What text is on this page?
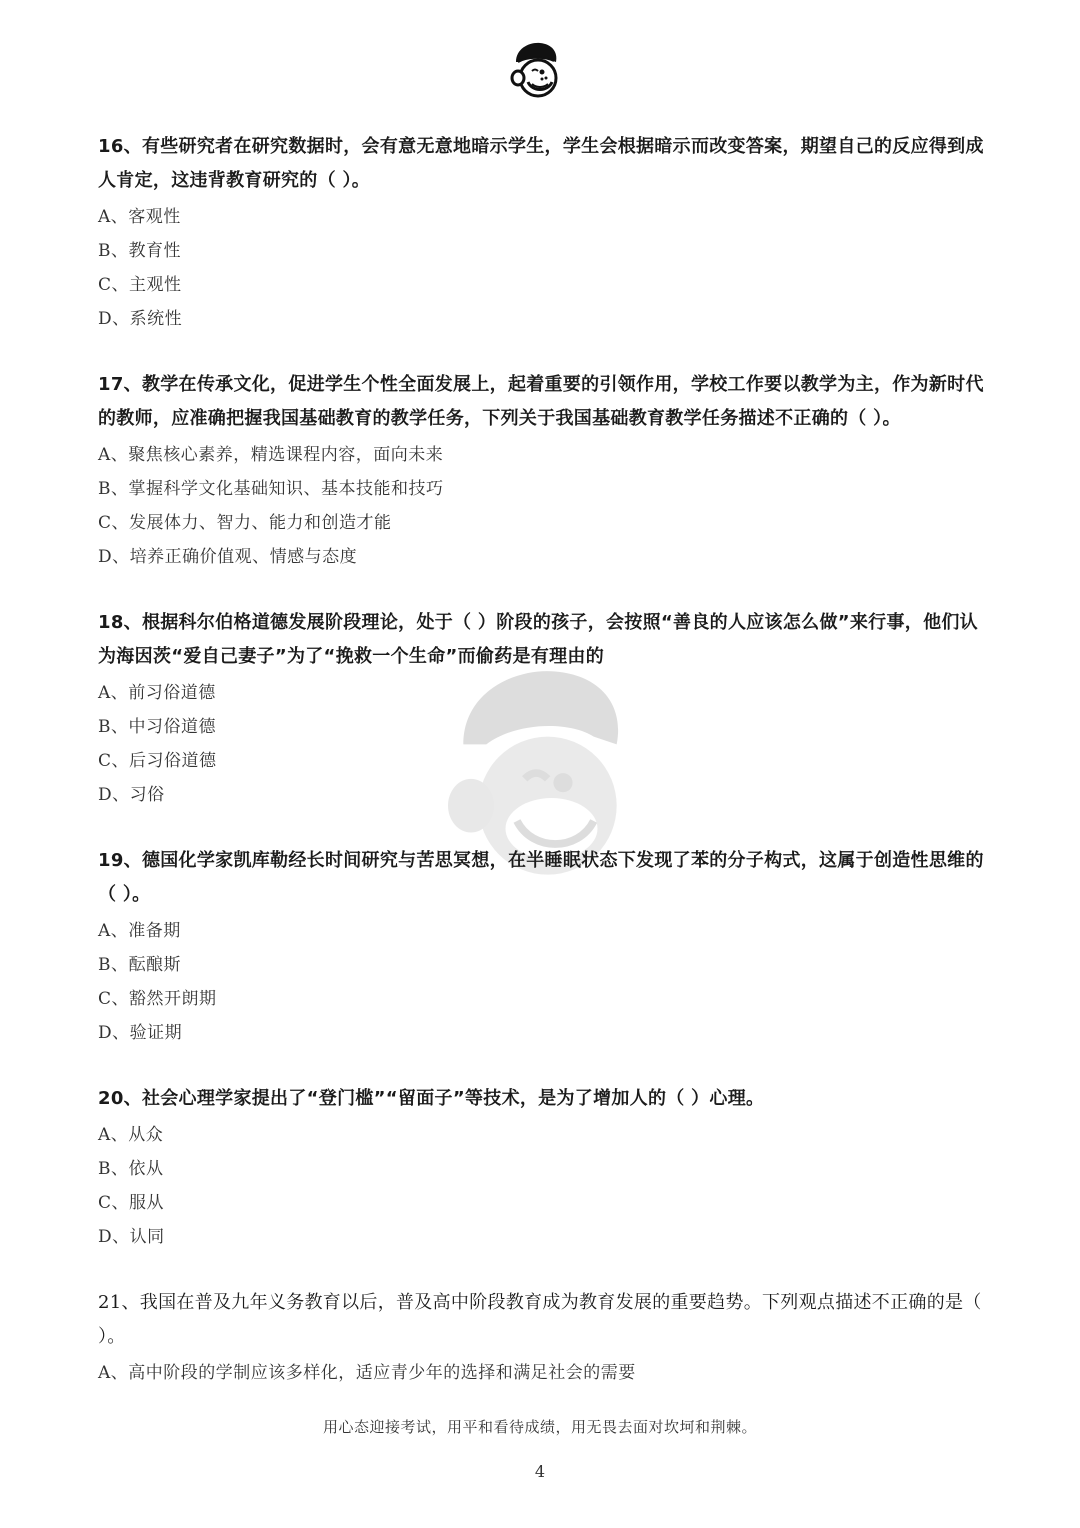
16、有些研究者在研究数据时，会有意无意地暗示学生，学生会根据暗示而改变答案，期望自己的反应得到成人肯定，这违背教育研究的（ ）。

A、客观性

B、教育性

C、主观性

D、系统性

17、教学在传承文化，促进学生个性全面发展上，起着重要的引领作用，学校工作要以教学为主，作为新时代的教师，应准确把握我国基础教育的教学任务，下列关于我国基础教育教学任务描述不正确的（ ）。

A、聚焦核心素养，精选课程内容，面向未来

B、掌握科学文化基础知识、基本技能和技巧

C、发展体力、智力、能力和创造才能

D、培养正确价值观、情感与态度

18、根据科尔伯格道德发展阶段理论，处于（ ）阶段的孩子，会按照“善良的人应该怎么做”来行事，他们认为海因茨“爱自己妻子”为了“挽救一个生命”而偷药是有理由的

A、前习俗道德

B、中习俗道德

C、后习俗道德

D、习俗

19、德国化学家凯库勒经长时间研究与苦思冥想，在半睡眠状态下发现了苯的分子构式，这属于创造性思维的（ ）。

A、准备期

B、酝酿斯

C、豁然开朗期

D、验证期

20、社会心理学家提出了“登门槛”“留面子”等技术，是为了增加人的（ ）心理。

A、从众

B、依从

C、服从

D、认同

21、我国在普及九年义务教育以后，普及高中阶段教育成为教育发展的重要趋势。下列观点描述不正确的是（ ）。

A、高中阶段的学制应该多样化，适应青少年的选择和满足社会的需要

用心态迎接考试，用平和看待成绩，用无畏去面对坎坷和荆棘。
4
